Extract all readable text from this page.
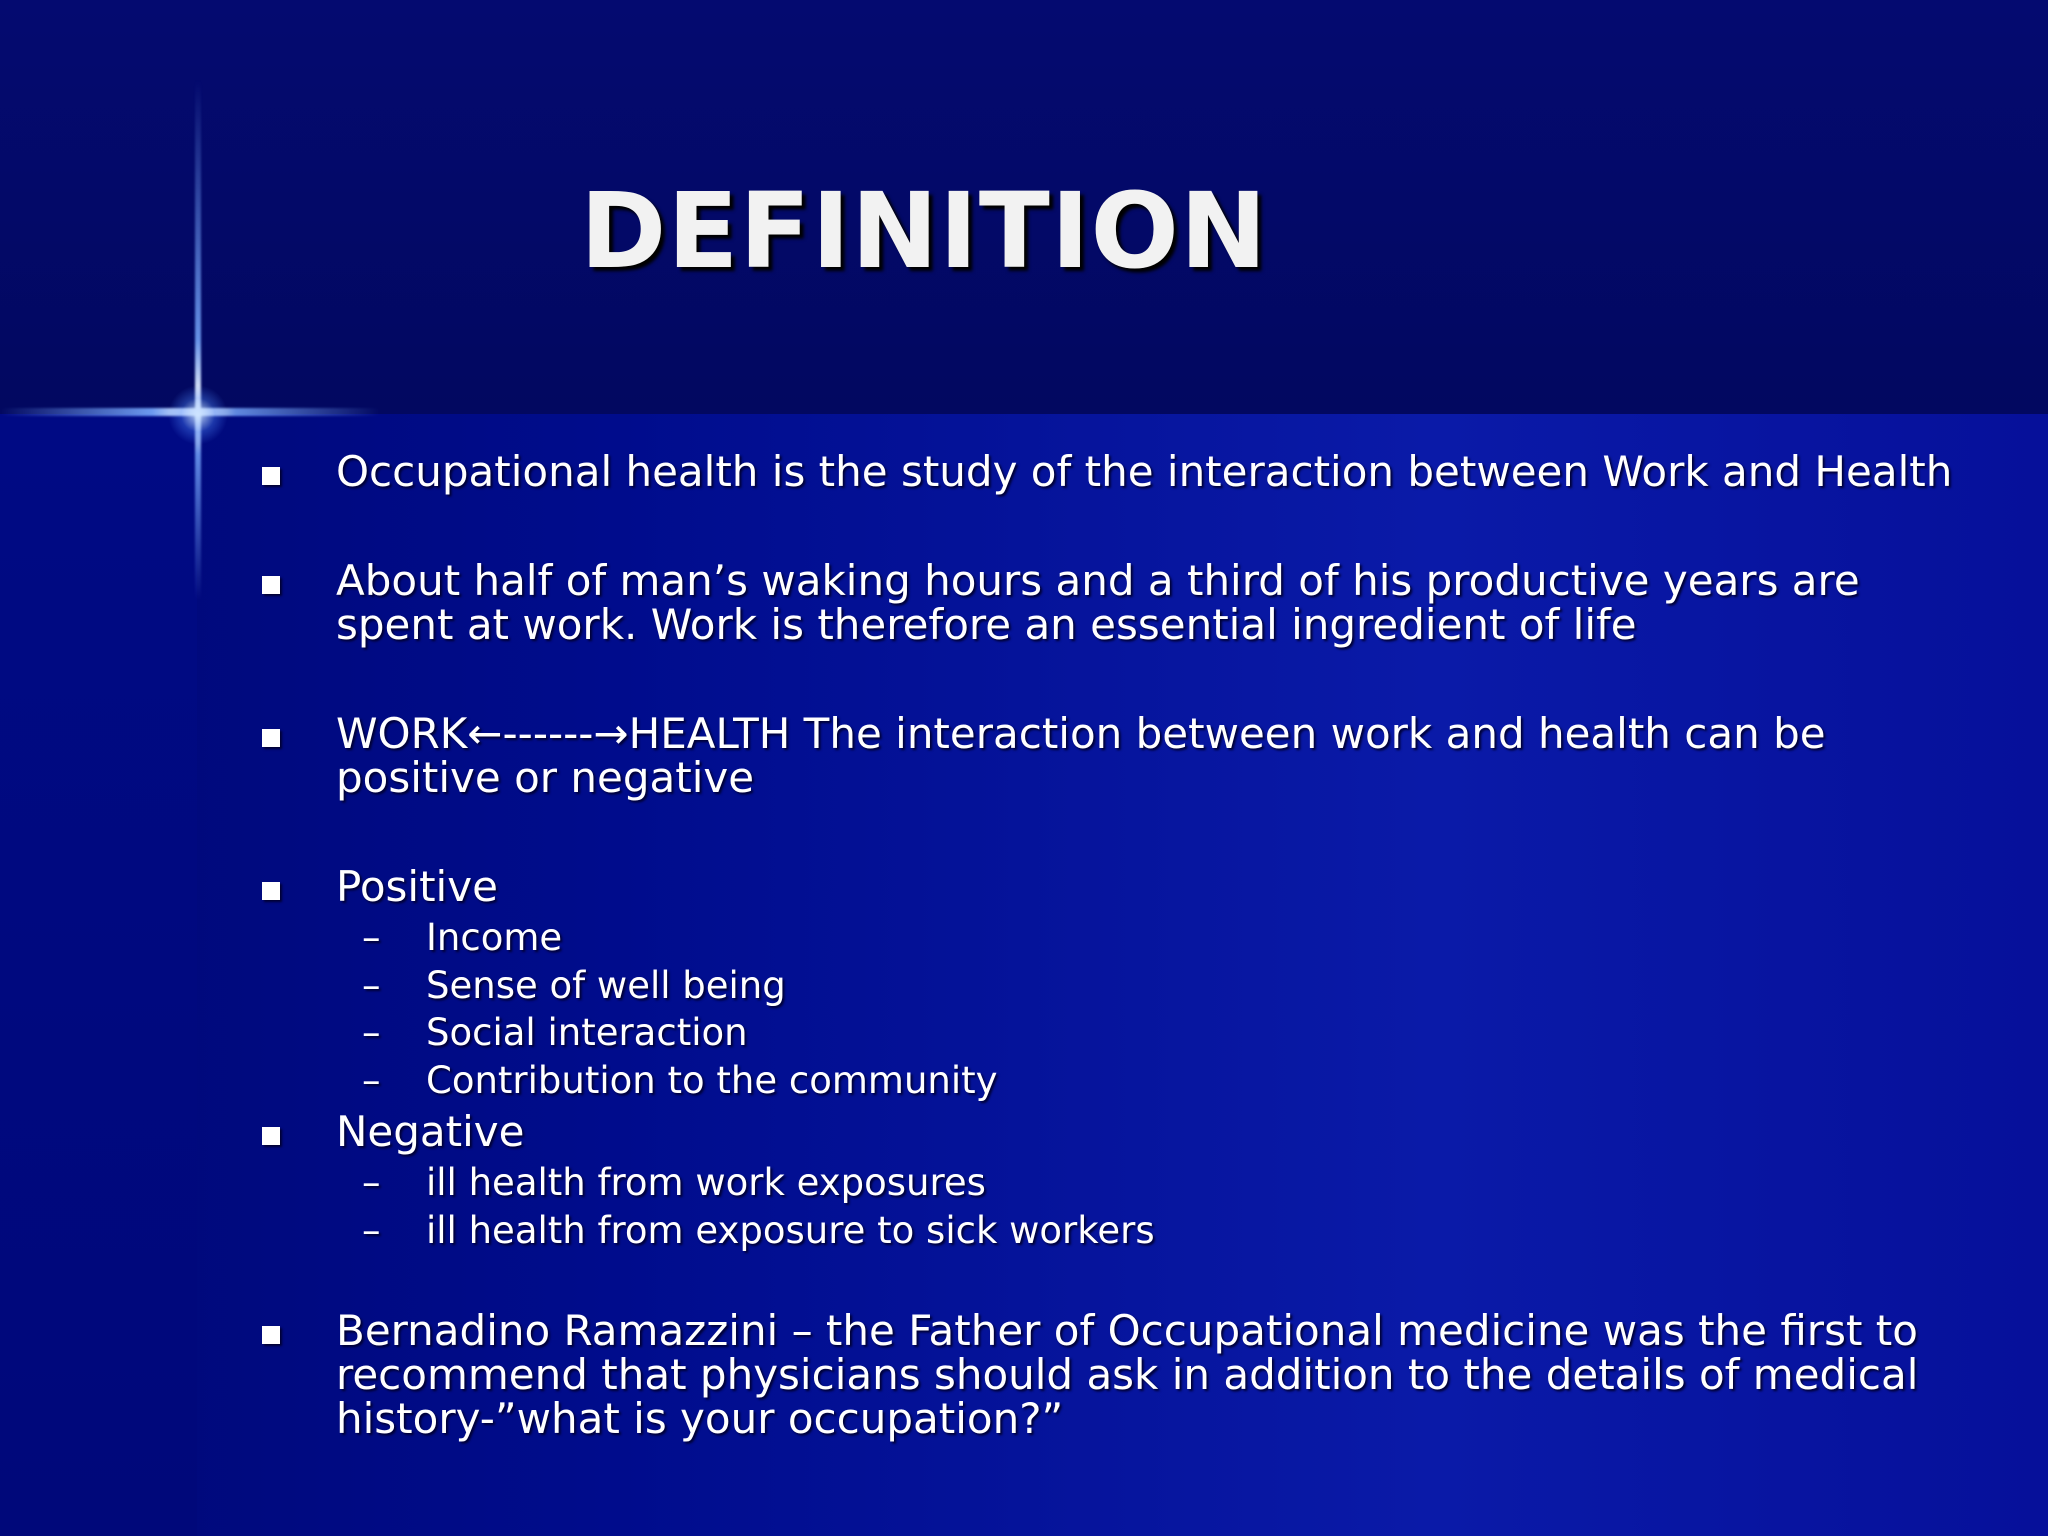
DEFINITION
Occupational health is the study of the interaction between Work and Health
About half of man’s waking hours and a third of his productive years are
spent at work. Work is therefore an essential ingredient of life
WORK←------→HEALTH The interaction between work and health can be
positive or negative
Positive
– Income
– Sense of well being
– Social interaction
– Contribution to the community
Negative
– ill health from work exposures
– ill health from exposure to sick workers
Bernadino Ramazzini – the Father of Occupational medicine was the first to
recommend that physicians should ask in addition to the details of medical
history-”what is your occupation?”
